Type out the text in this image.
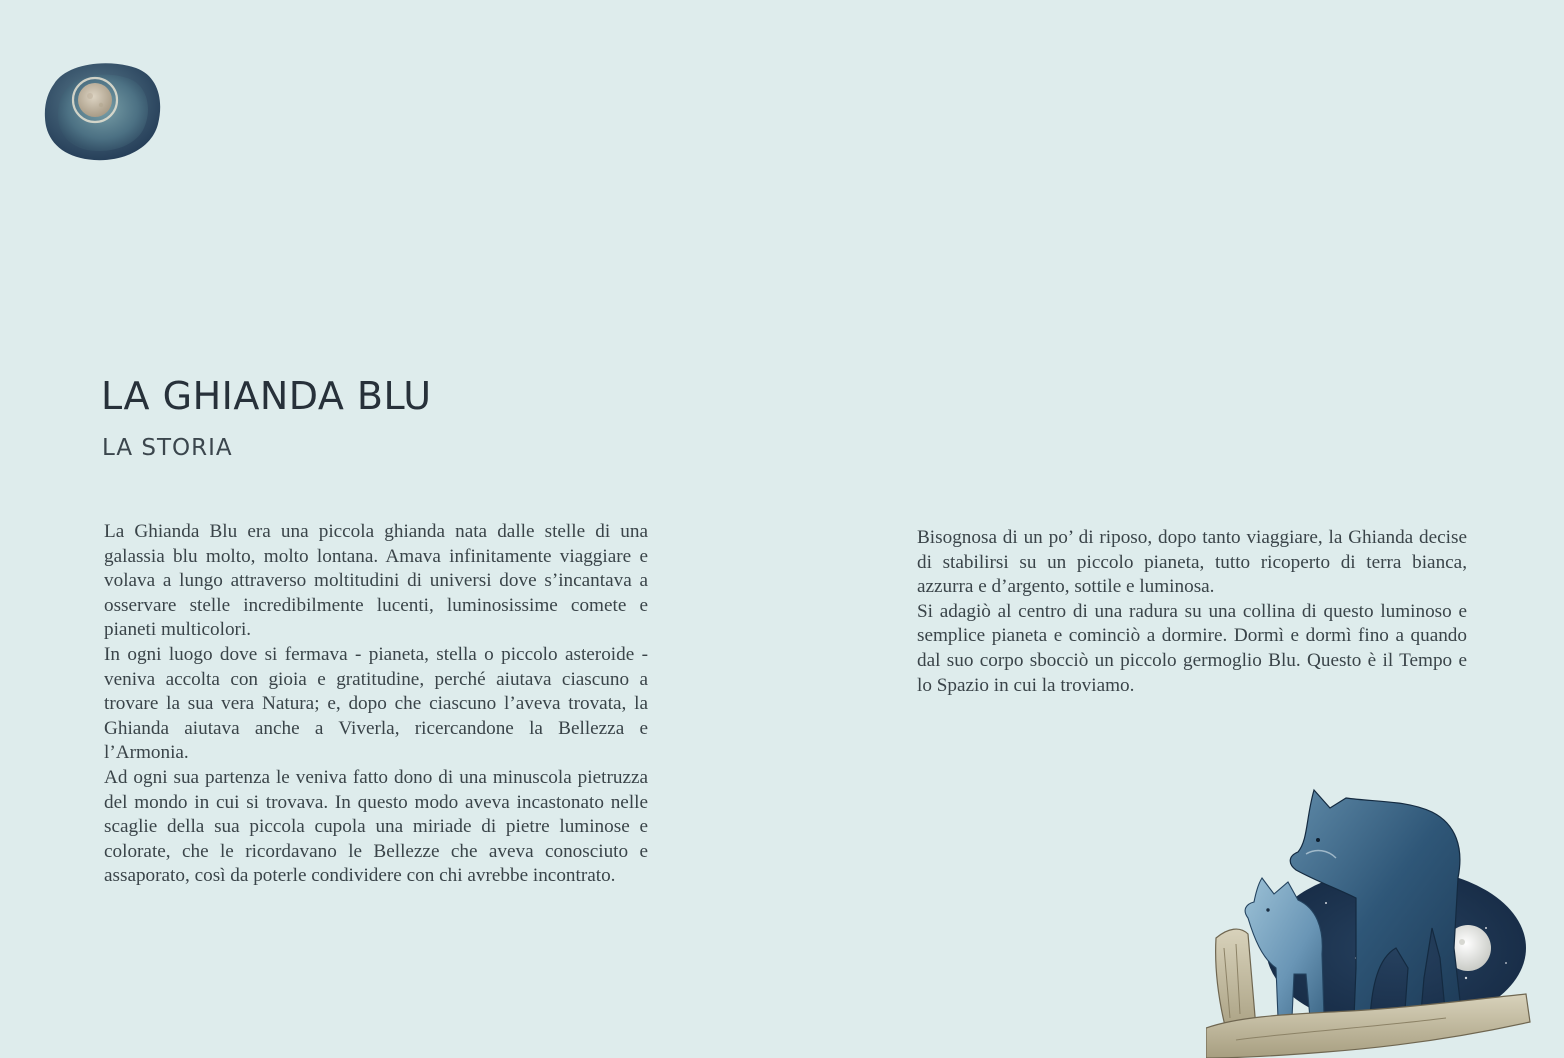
LA GHIANDA BLU
LA STORIA

La Ghianda Blu era una piccola ghianda nata dalle stelle di una galassia blu molto, molto lontana. Amava infinitamente viaggiare e volava a lungo attraverso moltitudini di universi dove s’incantava a osservare stelle incredibilmente lucenti, luminosissime comete e pianeti multicolori.

In ogni luogo dove si fermava - pianeta, stella o piccolo asteroide - veniva accolta con gioia e gratitudine, perché aiutava ciascuno a trovare la sua vera Natura; e, dopo che ciascuno l’aveva trovata, la Ghianda aiutava anche a Viverla, ricercandone la Bellezza e l’Armonia.

Ad ogni sua partenza le veniva fatto dono di una minuscola pietruzza del mondo in cui si trovava. In questo modo aveva incastonato nelle scaglie della sua piccola cupola una miriade di pietre luminose e colorate, che le ricordavano le Bellezze che aveva conosciuto e assaporato, così da poterle condividere con chi avrebbe incontrato.

Bisognosa di un po’ di riposo, dopo tanto viaggiare, la Ghianda decise di stabilirsi su un piccolo pianeta, tutto ricoperto di terra bianca, azzurra e d’argento, sottile e luminosa.

Si adagiò al centro di una radura su una collina di questo luminoso e semplice pianeta e cominciò a dormire. Dormì e dormì fino a quando dal suo corpo sbocciò un piccolo germoglio Blu. Questo è il Tempo e lo Spazio in cui la troviamo.
